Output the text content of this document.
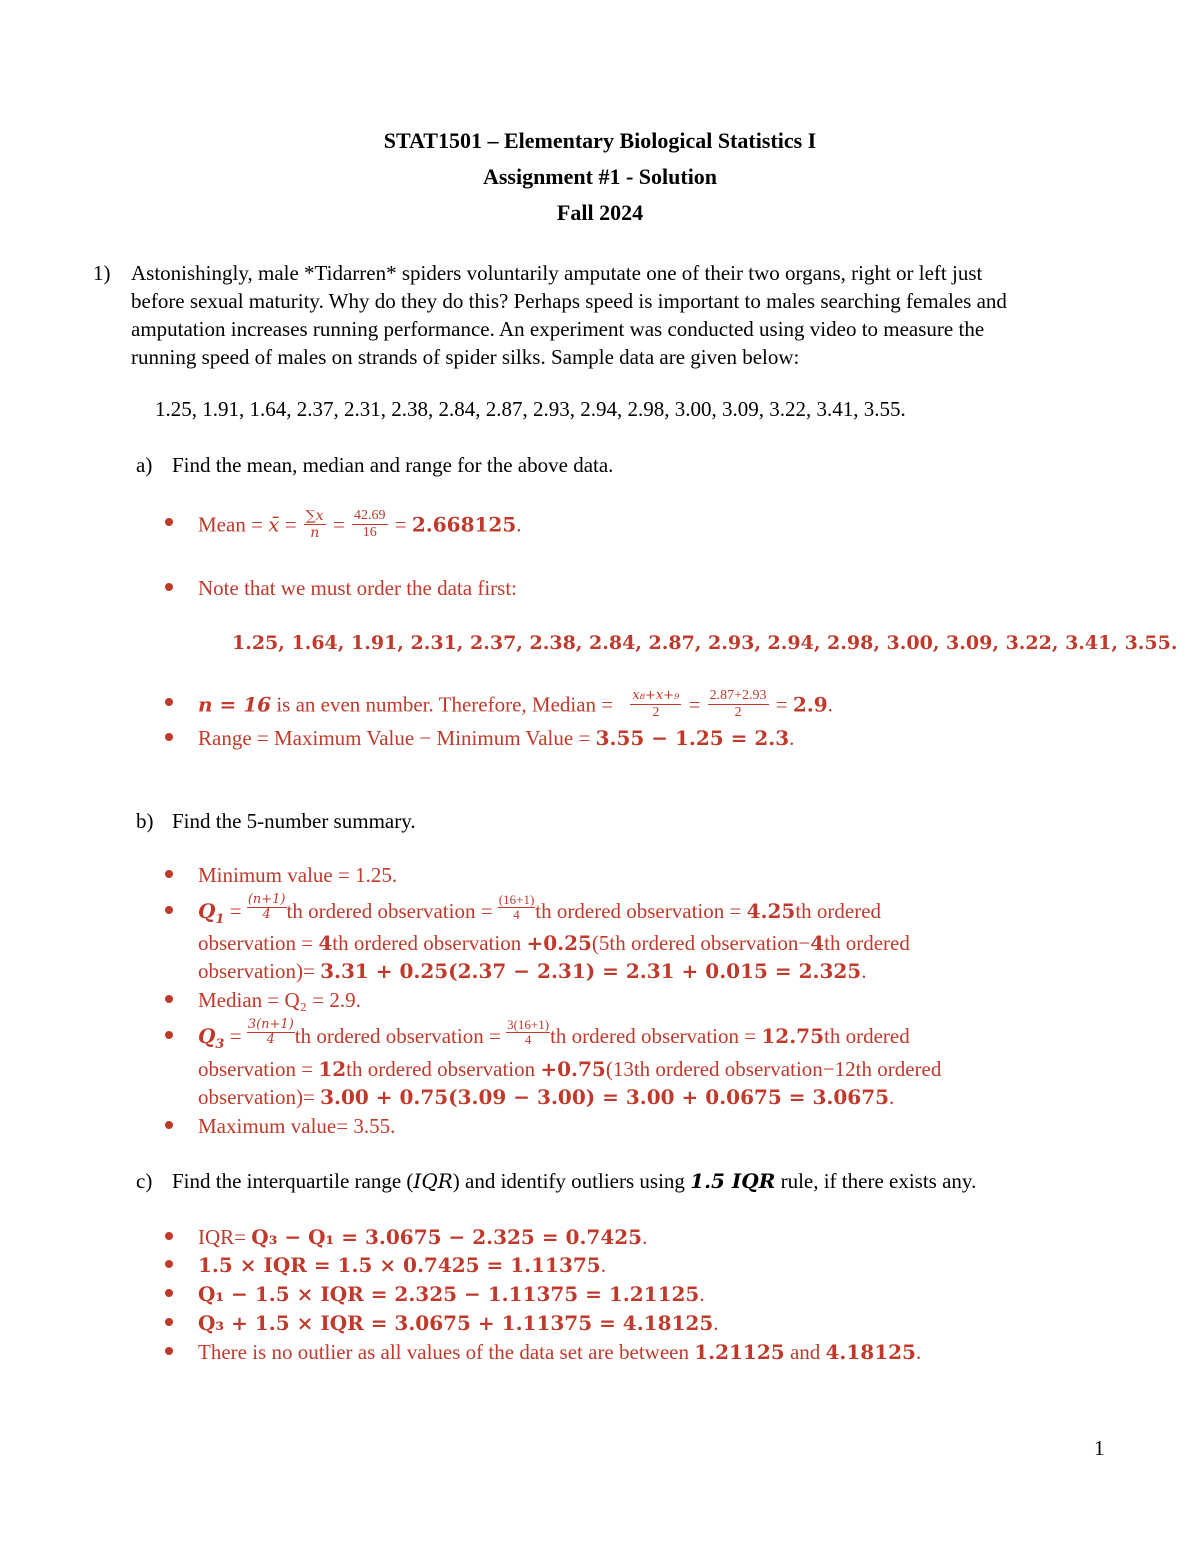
STAT1501 – Elementary Biological Statistics I
Assignment #1 - Solution
Fall 2024
1) Astonishingly, male *Tidarren* spiders voluntarily amputate one of their two organs, right or left just
before sexual maturity. Why do they do this? Perhaps speed is important to males searching females and
amputation increases running performance. An experiment was conducted using video to measure the
running speed of males on strands of spider silks. Sample data are given below:
1.25, 1.91, 1.64, 2.37, 2.31, 2.38, 2.84, 2.87, 2.93, 2.94, 2.98, 3.00, 3.09, 3.22, 3.41, 3.55.
a) Find the mean, median and range for the above data.
Mean = x̄ = $\frac{\sum x}{n} = \frac{42.69}{16} = 2.668125$.
Note that we must order the data first:
1.25, 1.64, 1.91, 2.31, 2.37, 2.38, 2.84, 2.87, 2.93, 2.94, 2.98, 3.00, 3.09, 3.22, 3.41, 3.55.
n = 16 is an even number. Therefore, Median = $\frac{\text{x₈+x+₉}}{2} = \frac{2.87+2.93}{2} = 2.9$.
Range = Maximum Value − Minimum Value = 3.55 − 1.25 = 2.3.
b) Find the 5-number summary.
Minimum value = 1.25.
$Q_1 = \frac{(n+1)}{4}$ th ordered observation = $\frac{(16+1)}{4}$ th ordered observation = 4.25th ordered
observation = 4th ordered observation +0.25(5th ordered observation−4th ordered
observation)= 3.31 + 0.25(2.37 − 2.31) = 2.31 + 0.015 = 2.325.
Median = Q₂ = 2.9.
$Q_3 = \frac{3(n+1)}{4}$ th ordered observation = $\frac{3(16+1)}{4}$ th ordered observation = 12.75th ordered
observation = 12th ordered observation +0.75(13th ordered observation−12th ordered
observation)= 3.00 + 0.75(3.09 − 3.00) = 3.00 + 0.0675 = 3.0675.
Maximum value= 3.55.
c) Find the interquartile range (IQR) and identify outliers using 1.5 IQR rule, if there exists any.
IQR= Q₃ − Q₁ = 3.0675 − 2.325 = 0.7425.
1.5 × IQR = 1.5 × 0.7425 = 1.11375.
Q₁ − 1.5 × IQR = 2.325 − 1.11375 = 1.21125.
Q₃ + 1.5 × IQR = 3.0675 + 1.11375 = 4.18125.
There is no outlier as all values of the data set are between 1.21125 and 4.18125.
1
